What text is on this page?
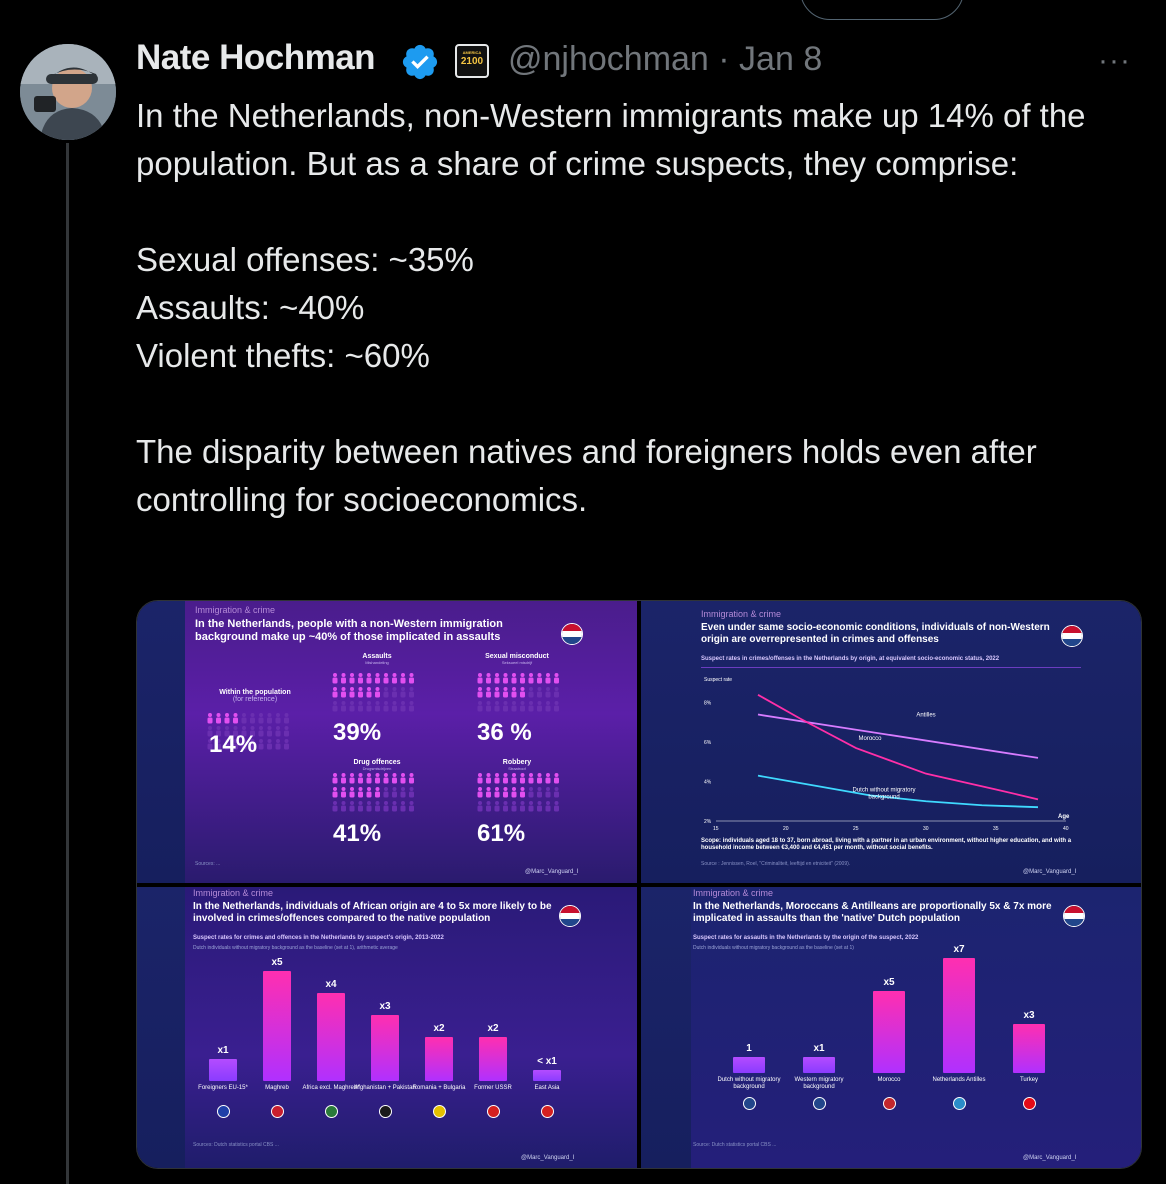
Nate Hochman	AMERICA
2100 @njhochman · Jan 8	···

In the Netherlands, non-Western immigrants make up 14% of the population. But as a share of crime suspects, they comprise:

Sexual offenses: ~35%

Assaults: ~40%

Violent thefts: ~60%

The disparity between natives and foreigners holds even after controlling for socioeconomics.

Immigration & crime
In the Netherlands, people with a non-Western immigration background make up ~40% of those implicated in assaults
Within the population
(for reference)
14%
Assaults
Mishandeling
Sexual misconduct
Seksueel misdrijf
Drug offences
Drugsmisdrijven
Robbery
Straatroof
39%	36 %
41%	61%
Sources: ...
@Marc_Vanguard_I
Immigration & crime
Even under same socio-economic conditions, individuals of non-Western origin are overrepresented in crimes and offenses
Suspect rates in crimes/offenses in the Netherlands by origin, at equivalent socio-economic status, 2022
Suspect rate
Age
8%
6%
4%
2%
15	20	25	30	35	40
Antilles
Morocco
Dutch without migratory background
Scope: individuals aged 18 to 37, born abroad, living with a partner in an urban environment, without higher education, and with a household income between €3,400 and €4,451 per month, without social benefits.
Source : Jennissen, Roel, "Criminaliteit, leeftijd en etniciteit" (2009).
@Marc_Vanguard_I
Immigration & crime
In the Netherlands, individuals of African origin are 4 to 5x more likely to be involved in crimes/offences compared to the native population
Suspect rates for crimes and offences in the Netherlands by suspect's origin, 2013-2022
Dutch individuals without migratory background as the baseline (set at 1), arithmetic average
Sources: Dutch statistics portal CBS ...
@Marc_Vanguard_I
x1
Foreigners EU-15*
x5
Maghreb
x4
Africa excl. Maghreb*
x3
Afghanistan + Pakistan
x2
Romania + Bulgaria
x2
Former USSR
< x1
East Asia
Immigration & crime
In the Netherlands, Moroccans & Antilleans are proportionally 5x & 7x more implicated in assaults than the 'native' Dutch population
Suspect rates for assaults in the Netherlands by the origin of the suspect, 2022
Dutch individuals without migratory background as the baseline (set at 1)
Source: Dutch statistics portal CBS ...
@Marc_Vanguard_I
1
Dutch without migratory background
x1
Western migratory background
x5
Morocco
x7
Netherlands Antilles
x3
Turkey
